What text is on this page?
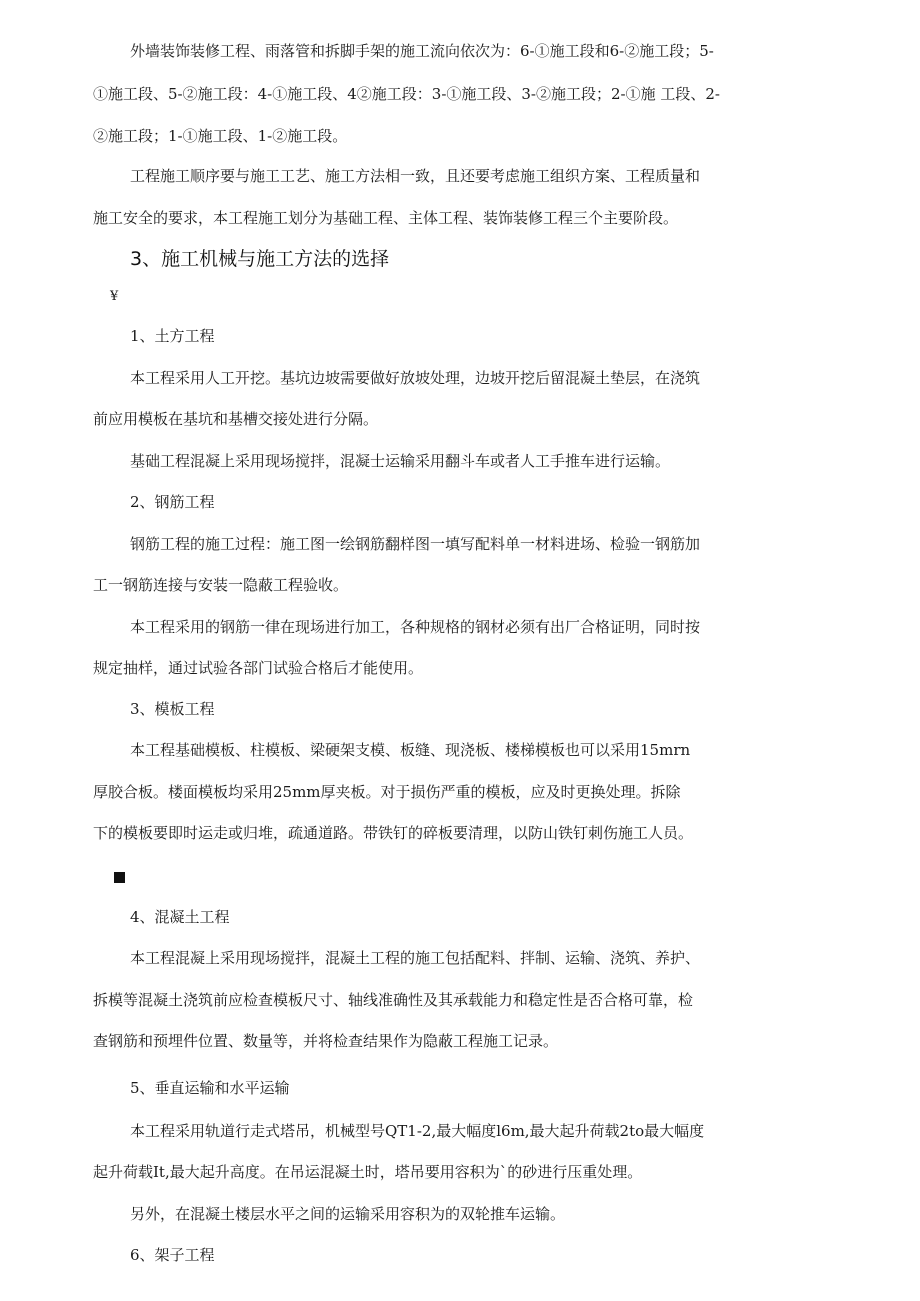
外墙装饰装修工程、雨落管和拆脚手架的施工流向依次为：6-①施工段和6-②施工段；5-
①施工段、5-②施工段：4-①施工段、4②施工段：3-①施工段、3-②施工段；2-①施 工段、2-
②施工段；1-①施工段、1-②施工段。
工程施工顺序要与施工工艺、施工方法相一致，且还要考虑施工组织方案、工程质量和
施工安全的要求，本工程施工划分为基础工程、主体工程、装饰装修工程三个主要阶段。
3、施工机械与施工方法的选择
¥
1、土方工程
本工程采用人工开挖。基坑边坡需要做好放坡处理，边坡开挖后留混凝土垫层，在浇筑
前应用模板在基坑和基槽交接处进行分隔。
基础工程混凝上采用现场搅拌，混凝士运输采用翻斗车或者人工手推车进行运输。
2、钢筋工程
钢筋工程的施工过程：施工图一绘钢筋翻样图一填写配料单一材料进场、检验一钢筋加
工一钢筋连接与安装一隐蔽工程验收。
本工程采用的钢筋一律在现场进行加工，各种规格的钢材必须有出厂合格证明，同时按
规定抽样，通过试验各部门试验合格后才能使用。
3、模板工程
本工程基础模板、柱模板、梁硬架支模、板缝、现浇板、楼梯模板也可以采用15mrn
厚胶合板。楼面模板均采用25mm厚夹板。对于损伤严重的模板，应及时更换处理。拆除
下的模板要即时运走或归堆，疏通道路。带铁钉的碎板要清理，以防山铁钉刺伤施工人员。
4、混凝土工程
本工程混凝上采用现场搅拌，混凝土工程的施工包括配料、拌制、运输、浇筑、养护、
拆模等混凝土浇筑前应检查模板尺寸、轴线准确性及其承载能力和稳定性是否合格可靠，检
查钢筋和预埋件位置、数量等，并将检查结果作为隐蔽工程施工记录。
5、垂直运输和水平运输
本工程采用轨道行走式塔吊，机械型号QT1-2,最大幅度l6m,最大起升荷载2to最大幅度
起升荷载It,最大起升高度。在吊运混凝土时，塔吊要用容积为`的砂进行压重处理。
另外，在混凝土楼层水平之间的运输采用容积为的双轮推车运输。
6、架子工程
